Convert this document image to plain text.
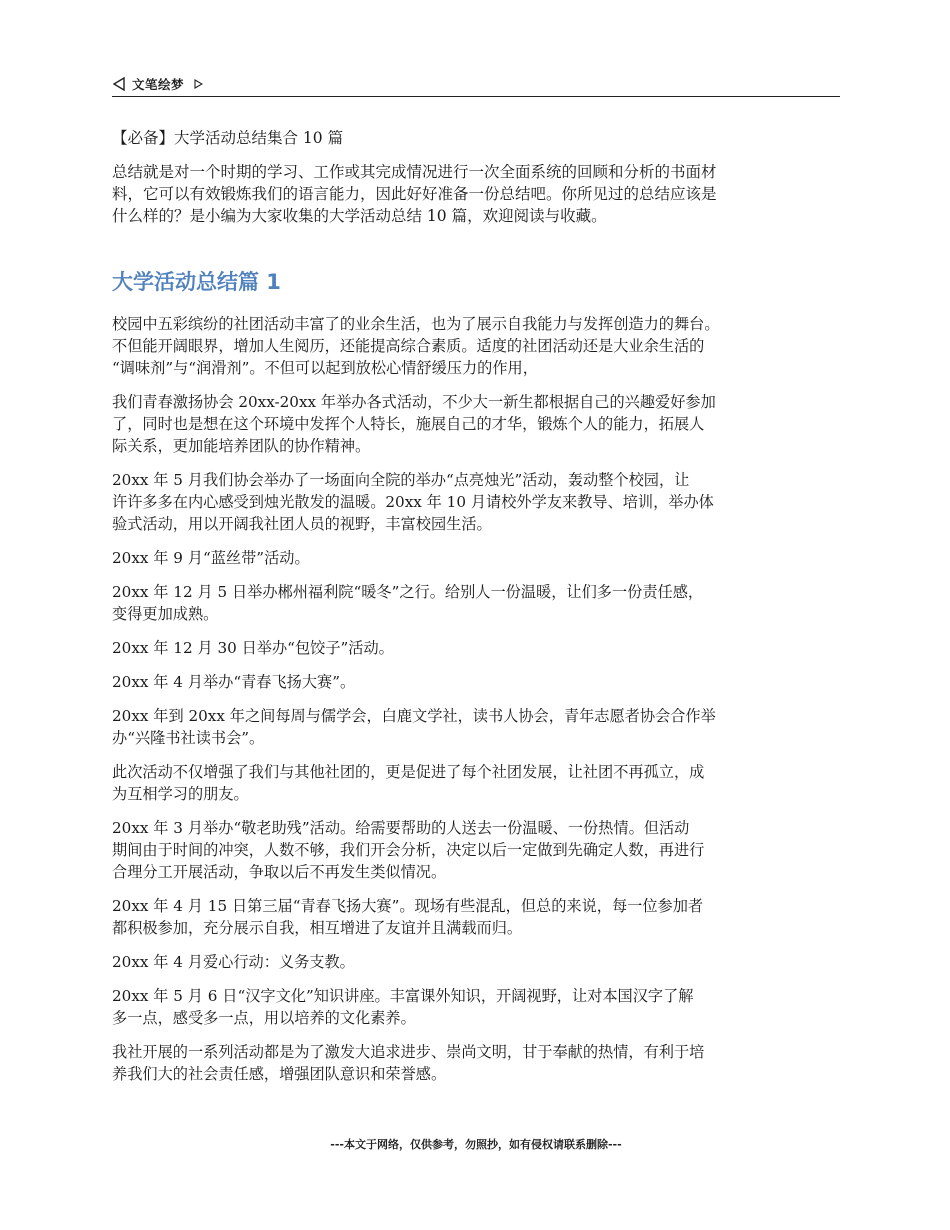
文笔绘梦
【必备】大学活动总结集合 10 篇
总结就是对一个时期的学习、工作或其完成情况进行一次全面系统的回顾和分析的书面材
料，它可以有效锻炼我们的语言能力，因此好好准备一份总结吧。你所见过的总结应该是
什么样的？是小编为大家收集的大学活动总结 10 篇，欢迎阅读与收藏。
大学活动总结篇 1
校园中五彩缤纷的社团活动丰富了的业余生活，也为了展示自我能力与发挥创造力的舞台。
不但能开阔眼界，增加人生阅历，还能提高综合素质。适度的社团活动还是大业余生活的
“调味剂”与“润滑剂”。不但可以起到放松心情舒缓压力的作用，
我们青春激扬协会 20xx-20xx 年举办各式活动，不少大一新生都根据自己的兴趣爱好参加
了，同时也是想在这个环境中发挥个人特长，施展自己的才华，锻炼个人的能力，拓展人
际关系，更加能培养团队的协作精神。
20xx 年 5 月我们协会举办了一场面向全院的举办“点亮烛光”活动，轰动整个校园，让
许许多多在内心感受到烛光散发的温暖。20xx 年 10 月请校外学友来教导、培训，举办体
验式活动，用以开阔我社团人员的视野，丰富校园生活。
20xx 年 9 月“蓝丝带”活动。
20xx 年 12 月 5 日举办郴州福利院“暖冬”之行。给别人一份温暖，让们多一份责任感，
变得更加成熟。
20xx 年 12 月 30 日举办“包饺子”活动。
20xx 年 4 月举办“青春飞扬大赛”。
20xx 年到 20xx 年之间每周与儒学会，白鹿文学社，读书人协会，青年志愿者协会合作举
办“兴隆书社读书会”。
此次活动不仅增强了我们与其他社团的，更是促进了每个社团发展，让社团不再孤立，成
为互相学习的朋友。
20xx 年 3 月举办“敬老助残”活动。给需要帮助的人送去一份温暖、一份热情。但活动
期间由于时间的冲突，人数不够，我们开会分析，决定以后一定做到先确定人数，再进行
合理分工开展活动，争取以后不再发生类似情况。
20xx 年 4 月 15 日第三届“青春飞扬大赛”。现场有些混乱，但总的来说，每一位参加者
都积极参加，充分展示自我，相互增进了友谊并且满载而归。
20xx 年 4 月爱心行动：义务支教。
20xx 年 5 月 6 日“汉字文化”知识讲座。丰富课外知识，开阔视野，让对本国汉字了解
多一点，感受多一点，用以培养的文化素养。
我社开展的一系列活动都是为了激发大追求进步、崇尚文明，甘于奉献的热情，有利于培
养我们大的社会责任感，增强团队意识和荣誉感。
---本文于网络，仅供参考，勿照抄，如有侵权请联系删除---
